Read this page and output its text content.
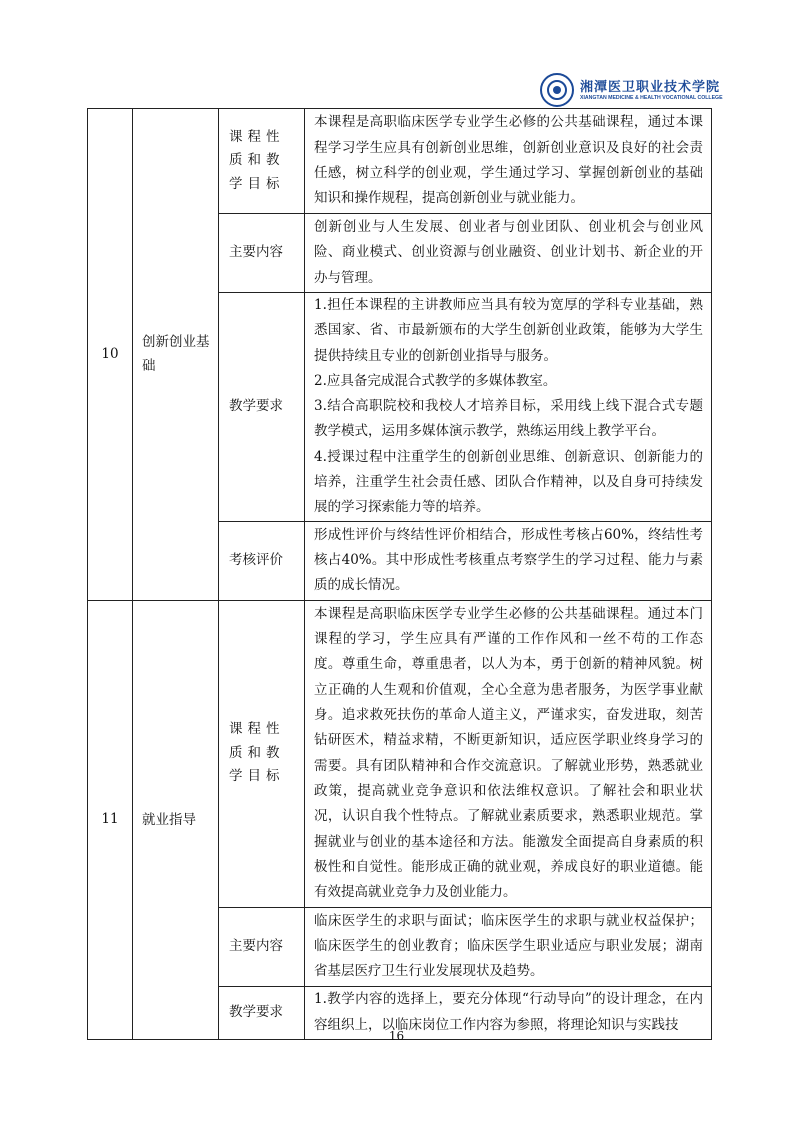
湘潭医卫职业技术学院
XIANGTAN MEDICINE & HEALTH VOCATIONAL COLLEGE
10	创新创业基础	课程性质和教学目标	本课程是高职临床医学专业学生必修的公共基础课程，通过本课程学习学生应具有创新创业思维，创新创业意识及良好的社会责任感，树立科学的创业观，学生通过学习、掌握创新创业的基础知识和操作规程，提高创新创业与就业能力。
		主要内容	创新创业与人生发展、创业者与创业团队、创业机会与创业风险、商业模式、创业资源与创业融资、创业计划书、新企业的开办与管理。
		教学要求	1.担任本课程的主讲教师应当具有较为宽厚的学科专业基础，熟悉国家、省、市最新颁布的大学生创新创业政策，能够为大学生提供持续且专业的创新创业指导与服务。

2.应具备完成混合式教学的多媒体教室。

3.结合高职院校和我校人才培养目标，采用线上线下混合式专题教学模式，运用多媒体演示教学，熟练运用线上教学平台。

4.授课过程中注重学生的创新创业思维、创新意识、创新能力的培养，注重学生社会责任感、团队合作精神，以及自身可持续发展的学习探索能力等的培养。

		考核评价	形成性评价与终结性评价相结合，形成性考核占60%，终结性考核占40%。其中形成性考核重点考察学生的学习过程、能力与素质的成长情况。
11	就业指导	课程性质和教学目标	本课程是高职临床医学专业学生必修的公共基础课程。通过本门课程的学习，学生应具有严谨的工作作风和一丝不苟的工作态度。尊重生命，尊重患者，以人为本，勇于创新的精神风貌。树立正确的人生观和价值观，全心全意为患者服务，为医学事业献身。追求救死扶伤的革命人道主义，严谨求实，奋发进取，刻苦钻研医术，精益求精，不断更新知识，适应医学职业终身学习的需要。具有团队精神和合作交流意识。了解就业形势，熟悉就业政策，提高就业竞争意识和依法维权意识。了解社会和职业状况，认识自我个性特点。了解就业素质要求，熟悉职业规范。掌握就业与创业的基本途径和方法。能激发全面提高自身素质的积极性和自觉性。能形成正确的就业观，养成良好的职业道德。能有效提高就业竞争力及创业能力。
		主要内容	临床医学生的求职与面试；临床医学生的求职与就业权益保护；临床医学生的创业教育；临床医学生职业适应与职业发展；湖南省基层医疗卫生行业发展现状及趋势。
		教学要求	1.教学内容的选择上，要充分体现“行动导向”的设计理念，在内容组织上，以临床岗位工作内容为参照，将理论知识与实践技
16
